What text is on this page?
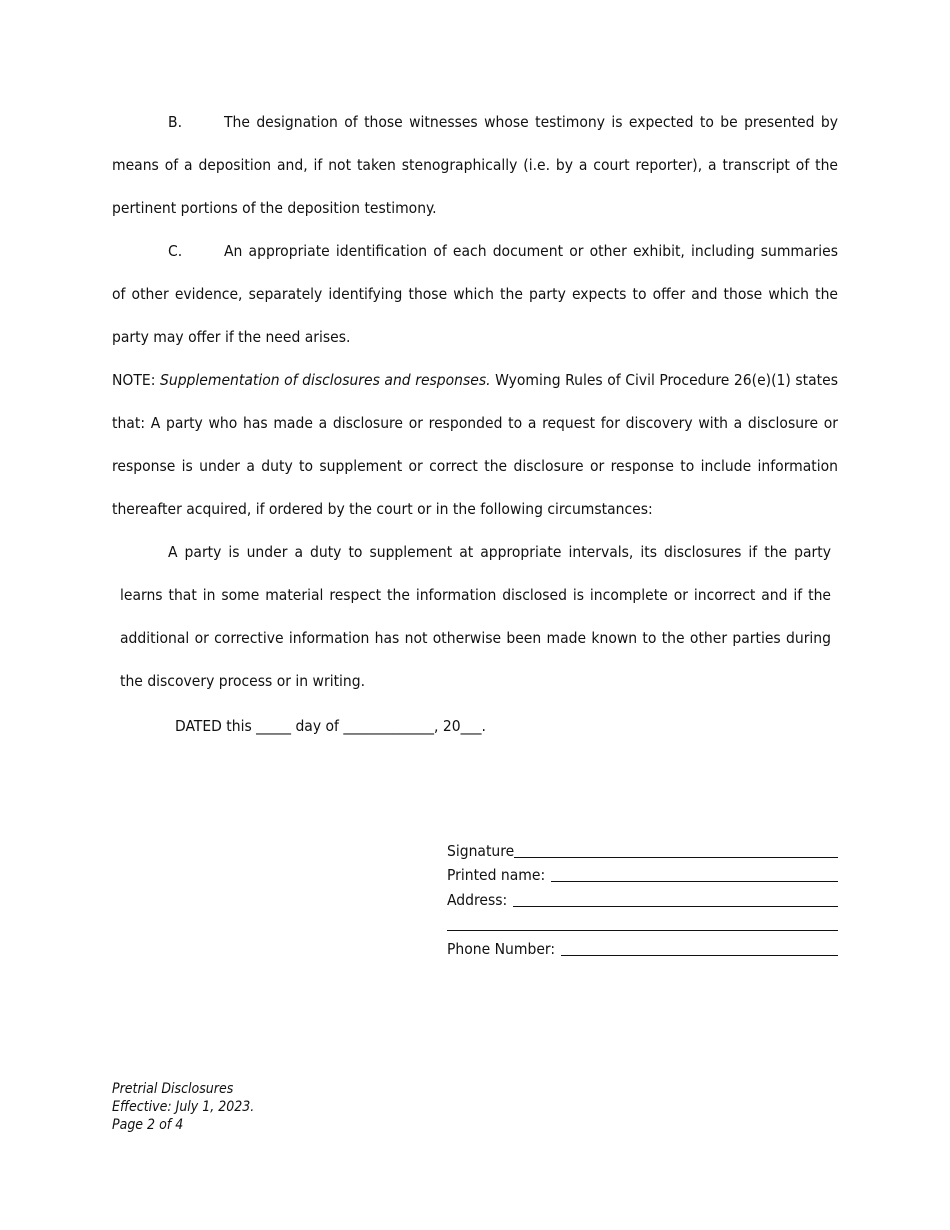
B.	The designation of those witnesses whose testimony is expected to be presented by means of a deposition and, if not taken stenographically (i.e. by a court reporter), a transcript of the pertinent portions of the deposition testimony.

C.	An appropriate identification of each document or other exhibit, including summaries of other evidence, separately identifying those which the party expects to offer and those which the party may offer if the need arises.

NOTE: Supplementation of disclosures and responses. Wyoming Rules of Civil Procedure 26(e)(1) states that: A party who has made a disclosure or responded to a request for discovery with a disclosure or response is under a duty to supplement or correct the disclosure or response to include information thereafter acquired, if ordered by the court or in the following circumstances:

A party is under a duty to supplement at appropriate intervals, its disclosures if the party learns that in some material respect the information disclosed is incomplete or incorrect and if the additional or corrective information has not otherwise been made known to the other parties during the discovery process or in writing.

DATED this _____ day of _____________, 20___.

Signature
Printed name:
Address:
Phone Number:
Pretrial Disclosures
Effective: July 1, 2023.
Page 2 of 4
